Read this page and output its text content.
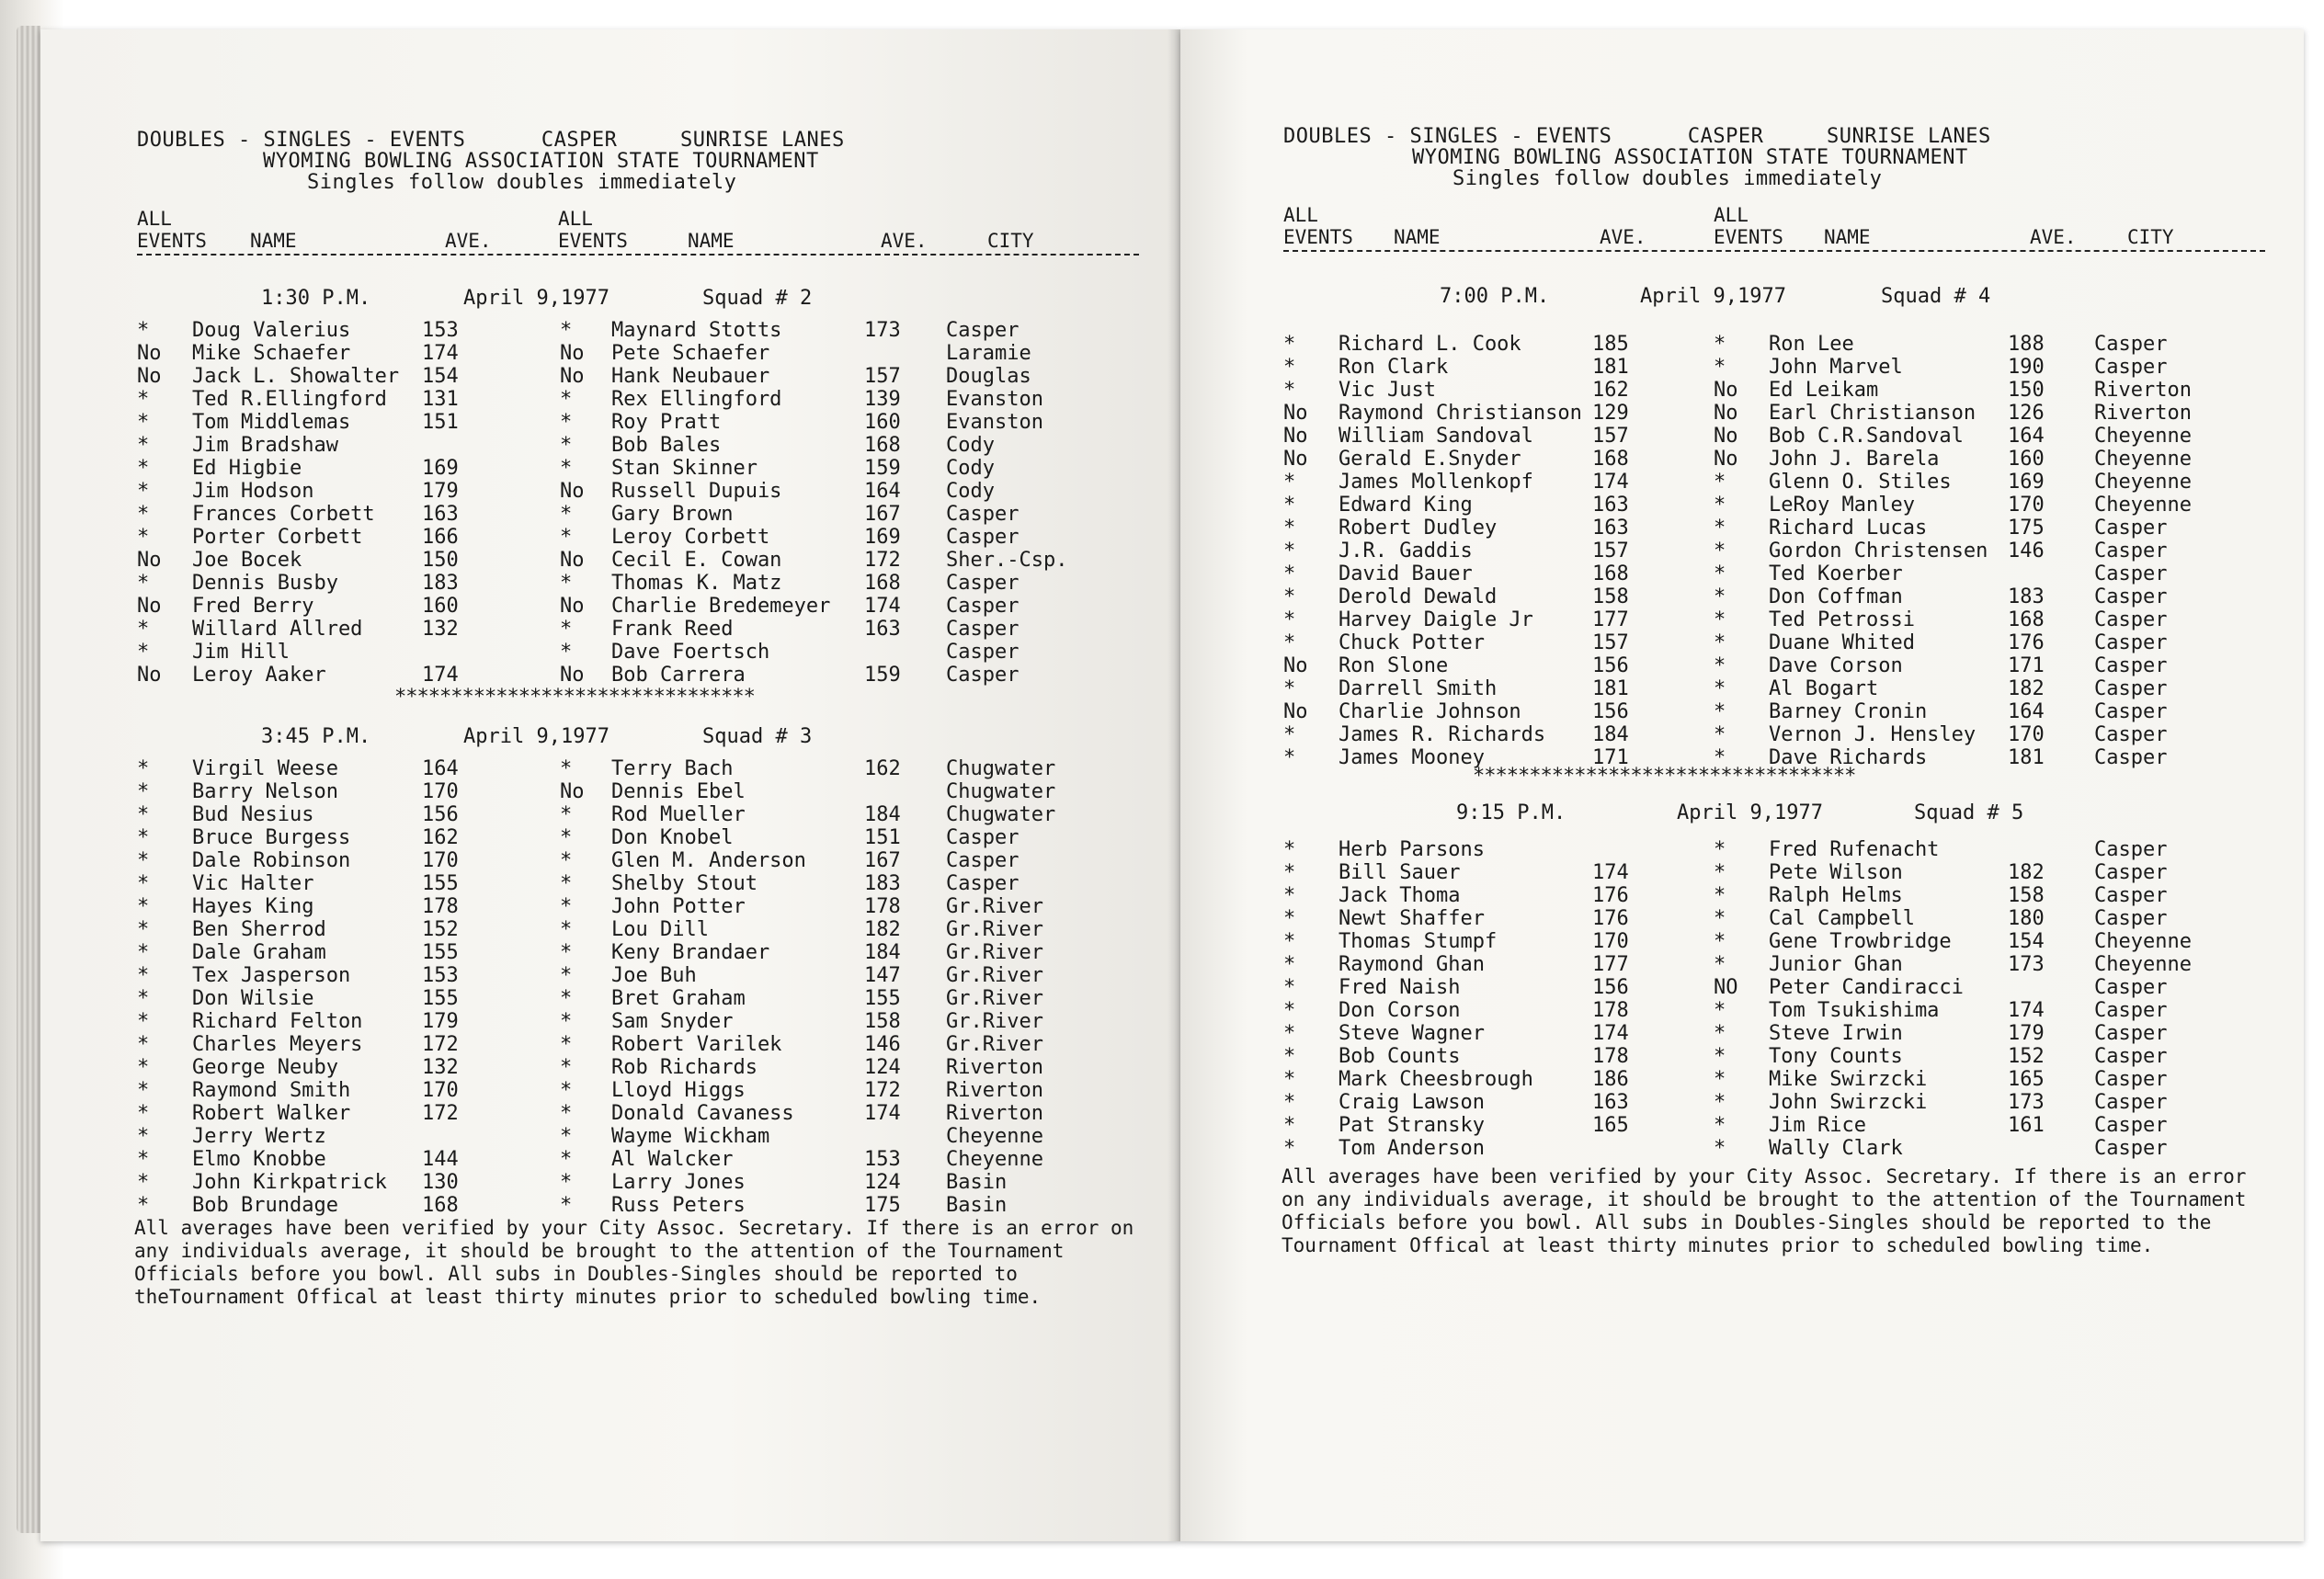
DOUBLES - SINGLES - EVENTS      CASPER     SUNRISE LANES
WYOMING BOWLING ASSOCIATION STATE TOURNAMENT
Singles follow doubles immediately
ALL
EVENTS NAME	AVE.
ALL
EVENTS	NAME	AVE.	CITY
1:30 P.M.	April 9,1977	Squad # 2
*	Doug Valerius	153	*	Maynard Stotts	173	Casper
No	Mike Schaefer	174	No	Pete Schaefer		Laramie
No	Jack L. Showalter	154	No	Hank Neubauer	157	Douglas
*	Ted R.Ellingford	131	*	Rex Ellingford	139	Evanston
*	Tom Middlemas	151	*	Roy Pratt	160	Evanston
*	Jim Bradshaw		*	Bob Bales	168	Cody
*	Ed Higbie	169	*	Stan Skinner	159	Cody
*	Jim Hodson	179	No	Russell Dupuis	164	Cody
*	Frances Corbett	163	*	Gary Brown	167	Casper
*	Porter Corbett	166	*	Leroy Corbett	169	Casper
No	Joe Bocek	150	No	Cecil E. Cowan	172	Sher.-Csp.
*	Dennis Busby	183	*	Thomas K. Matz	168	Casper
No	Fred Berry	160	No	Charlie Bredemeyer	174	Casper
*	Willard Allred	132	*	Frank Reed	163	Casper
*	Jim Hill		*	Dave Foertsch		Casper
No	Leroy Aaker	174	No	Bob Carrera	159	Casper
********************************
3:45 P.M.	April 9,1977	Squad # 3
*	Virgil Weese	164	*	Terry Bach	162	Chugwater
*	Barry Nelson	170	No	Dennis Ebel		Chugwater
*	Bud Nesius	156	*	Rod Mueller	184	Chugwater
*	Bruce Burgess	162	*	Don Knobel	151	Casper
*	Dale Robinson	170	*	Glen M. Anderson	167	Casper
*	Vic Halter	155	*	Shelby Stout	183	Casper
*	Hayes King	178	*	John Potter	178	Gr.River
*	Ben Sherrod	152	*	Lou Dill	182	Gr.River
*	Dale Graham	155	*	Keny Brandaer	184	Gr.River
*	Tex Jasperson	153	*	Joe Buh	147	Gr.River
*	Don Wilsie	155	*	Bret Graham	155	Gr.River
*	Richard Felton	179	*	Sam Snyder	158	Gr.River
*	Charles Meyers	172	*	Robert Varilek	146	Gr.River
*	George Neuby	132	*	Rob Richards	124	Riverton
*	Raymond Smith	170	*	Lloyd Higgs	172	Riverton
*	Robert Walker	172	*	Donald Cavaness	174	Riverton
*	Jerry Wertz		*	Wayme Wickham		Cheyenne
*	Elmo Knobbe	144	*	Al Walcker	153	Cheyenne
*	John Kirkpatrick	130	*	Larry Jones	124	Basin
*	Bob Brundage	168	*	Russ Peters	175	Basin
All averages have been verified by your City Assoc. Secretary. If there is an error on any individuals average, it should be brought to the attention of the Tournament Officials before you bowl. All subs in Doubles-Singles should be reported to theTournament Offical at least thirty minutes prior to scheduled bowling time.
DOUBLES - SINGLES - EVENTS      CASPER     SUNRISE LANES
WYOMING BOWLING ASSOCIATION STATE TOURNAMENT
Singles follow doubles immediately
ALL
EVENTS NAME	AVE.
ALL
EVENTS NAME	AVE.	CITY
7:00 P.M.	April 9,1977	Squad # 4
*	Richard L. Cook	185	*	Ron Lee	188	Casper
*	Ron Clark	181	*	John Marvel	190	Casper
*	Vic Just	162	No	Ed Leikam	150	Riverton
No	Raymond Christianson	129	No	Earl Christianson	126	Riverton
No	William Sandoval	157	No	Bob C.R.Sandoval	164	Cheyenne
No	Gerald E.Snyder	168	No	John J. Barela	160	Cheyenne
*	James Mollenkopf	174	*	Glenn O. Stiles	169	Cheyenne
*	Edward King	163	*	LeRoy Manley	170	Cheyenne
*	Robert Dudley	163	*	Richard Lucas	175	Casper
*	J.R. Gaddis	157	*	Gordon Christensen	146	Casper
*	David Bauer	168	*	Ted Koerber		Casper
*	Derold Dewald	158	*	Don Coffman	183	Casper
*	Harvey Daigle Jr	177	*	Ted Petrossi	168	Casper
*	Chuck Potter	157	*	Duane Whited	176	Casper
No	Ron Slone	156	*	Dave Corson	171	Casper
*	Darrell Smith	181	*	Al Bogart	182	Casper
No	Charlie Johnson	156	*	Barney Cronin	164	Casper
*	James R. Richards	184	*	Vernon J. Hensley	170	Casper
*	James Mooney	171	*	Dave Richards	181	Casper
**********************************
9:15 P.M.	April 9,1977	Squad # 5
*	Herb Parsons		*	Fred Rufenacht		Casper
*	Bill Sauer	174	*	Pete Wilson	182	Casper
*	Jack Thoma	176	*	Ralph Helms	158	Casper
*	Newt Shaffer	176	*	Cal Campbell	180	Casper
*	Thomas Stumpf	170	*	Gene Trowbridge	154	Cheyenne
*	Raymond Ghan	177	*	Junior Ghan	173	Cheyenne
*	Fred Naish	156	NO	Peter Candiracci		Casper
*	Don Corson	178	*	Tom Tsukishima	174	Casper
*	Steve Wagner	174	*	Steve Irwin	179	Casper
*	Bob Counts	178	*	Tony Counts	152	Casper
*	Mark Cheesbrough	186	*	Mike Swirzcki	165	Casper
*	Craig Lawson	163	*	John Swirzcki	173	Casper
*	Pat Stransky	165	*	Jim Rice	161	Casper
*	Tom Anderson		*	Wally Clark		Casper
All averages have been verified by your City Assoc. Secretary. If there is an error on any individuals average, it should be brought to the attention of the Tournament Officials before you bowl. All subs in Doubles-Singles should be reported to the Tournament Offical at least thirty minutes prior to scheduled bowling time.
